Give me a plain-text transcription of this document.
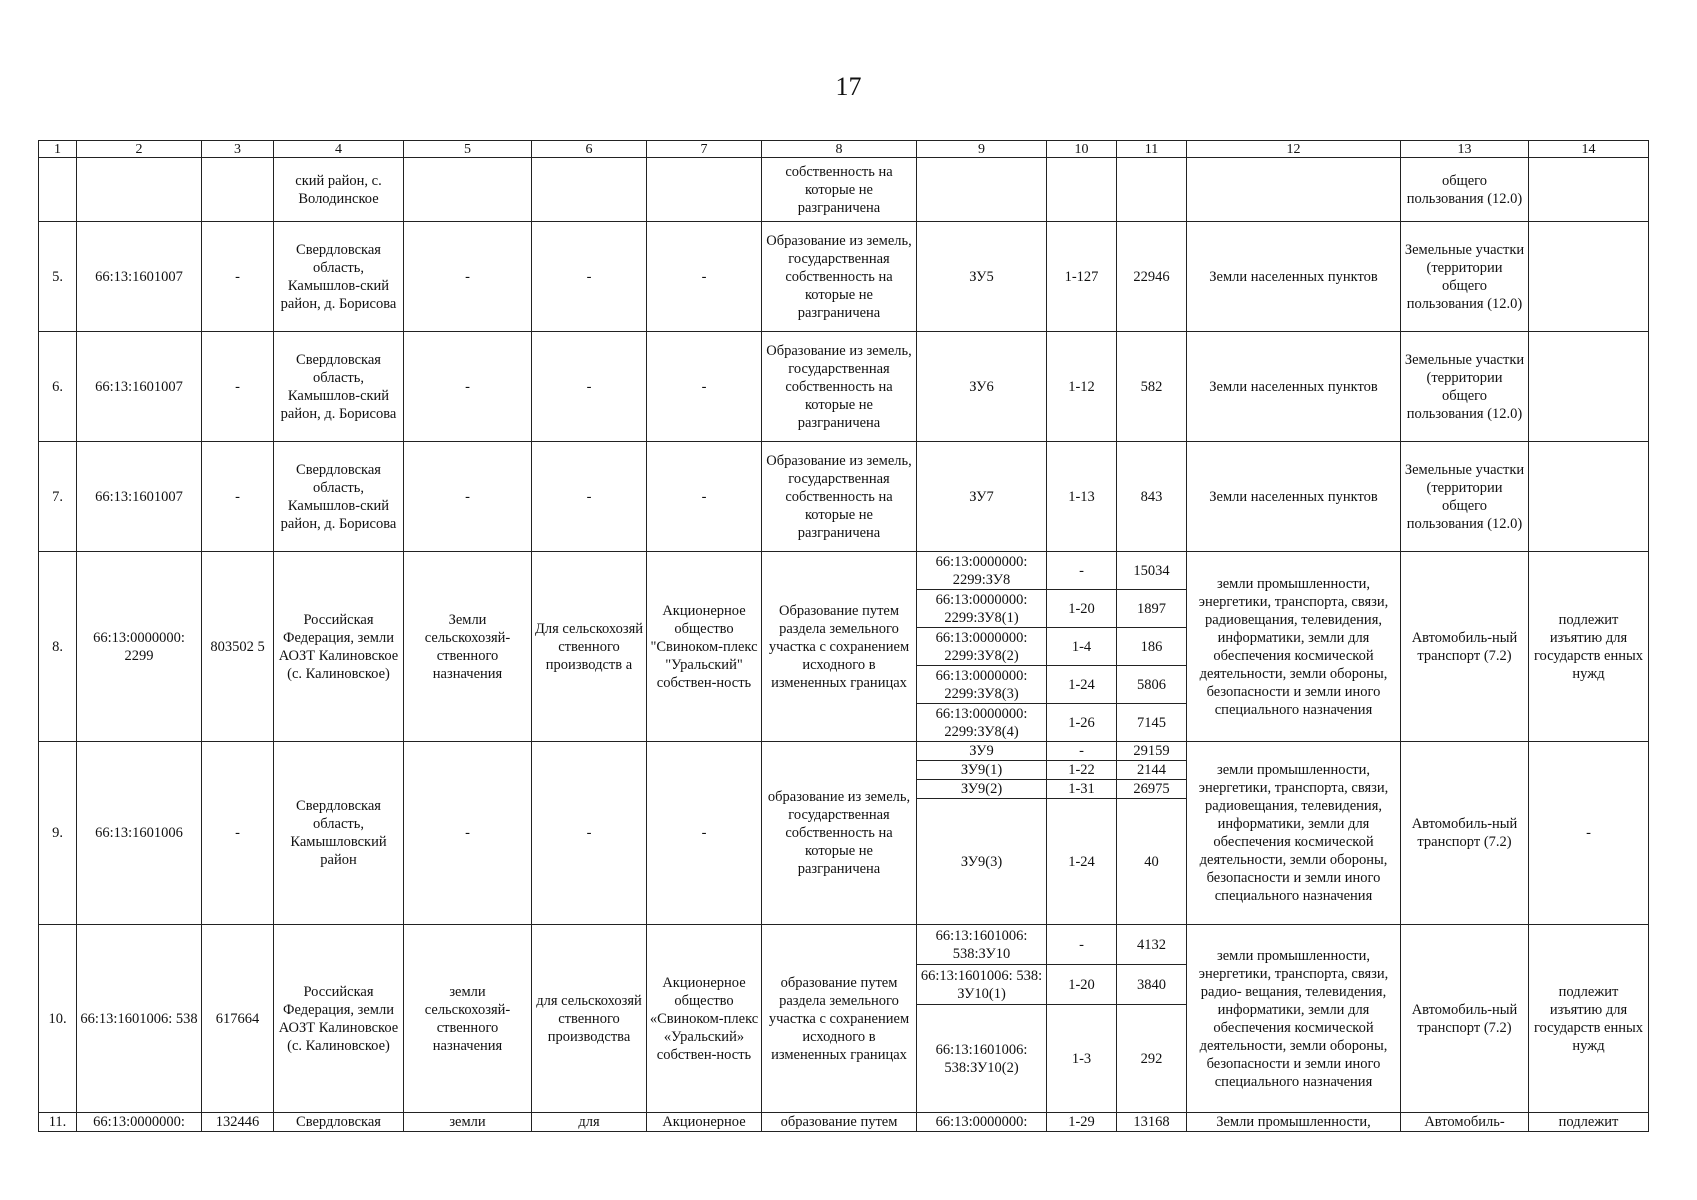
17
1	2	3	4	5	6	7	8	9	10	11	12	13	14
			ский район, с. Володинское				собственность на которые не разграничена					общего пользования (12.0)	
5.	66:13:1601007	-	Свердловская область, Камышлов-ский район, д. Борисова	-	-	-	Образование из земель, государственная собственность на которые не разграничена	ЗУ5	1-127	22946	Земли населенных пунктов	Земельные участки (территории общего пользования (12.0)	
6.	66:13:1601007	-	Свердловская область, Камышлов-ский район, д. Борисова	-	-	-	Образование из земель, государственная собственность на которые не разграничена	ЗУ6	1-12	582	Земли населенных пунктов	Земельные участки (территории общего пользования (12.0)	
7.	66:13:1601007	-	Свердловская область, Камышлов-ский район, д. Борисова	-	-	-	Образование из земель, государственная собственность на которые не разграничена	ЗУ7	1-13	843	Земли населенных пунктов	Земельные участки (территории общего пользования (12.0)	
8.	66:13:0000000: 2299	803502 5	Российская Федерация, земли АОЗТ Калиновское (с. Калиновское)	Земли сельскохозяй-ственного назначения	Для сельскохозяй ственного производств а	Акционерное общество "Свиноком-плекс "Уральский" собствен-ность	Образование путем раздела земельного участка с сохранением исходного в измененных границах	66:13:0000000: 2299:ЗУ8	-	15034	земли промышленности, энергетики, транспорта, связи, радиовещания, телевидения, информатики, земли для обеспечения космической деятельности, земли обороны, безопасности и земли иного специального назначения	Автомобиль-ный транспорт (7.2)	подлежит изъятию для государств енных нужд
								66:13:0000000: 2299:ЗУ8(1)	1-20	1897			
								66:13:0000000: 2299:ЗУ8(2)	1-4	186			
								66:13:0000000: 2299:ЗУ8(3)	1-24	5806			
								66:13:0000000: 2299:ЗУ8(4)	1-26	7145			
9.	66:13:1601006	-	Свердловская область, Камышловский район	-	-	-	образование из земель, государственная собственность на которые не разграничена	ЗУ9	-	29159	земли промышленности, энергетики, транспорта, связи, радиовещания, телевидения, информатики, земли для обеспечения космической деятельности, земли обороны, безопасности и земли иного специального назначения	Автомобиль-ный транспорт (7.2)	-
								ЗУ9(1)	1-22	2144			
								ЗУ9(2)	1-31	26975			
								ЗУ9(3)	1-24	40			
10.	66:13:1601006: 538	617664	Российская Федерация, земли АОЗТ Калиновское (с. Калиновское)	земли сельскохозяй-ственного назначения	для сельскохозяй ственного производства	Акционерное общество «Свиноком-плекс «Уральский» собствен-ность	образование путем раздела земельного участка с сохранением исходного в измененных границах	66:13:1601006: 538:ЗУ10	-	4132	земли промышленности, энергетики, транспорта, связи, радио- вещания, телевидения, информатики, земли для обеспечения космической деятельности, земли обороны, безопасности и земли иного специального назначения	Автомобиль-ный транспорт (7.2)	подлежит изъятию для государств енных нужд
								66:13:1601006: 538: ЗУ10(1)	1-20	3840			
								66:13:1601006: 538:ЗУ10(2)	1-3	292			
11.	66:13:0000000:	132446	Свердловская	земли	для	Акционерное	образование путем	66:13:0000000:	1-29	13168	Земли промышленности,	Автомобиль-	подлежит
